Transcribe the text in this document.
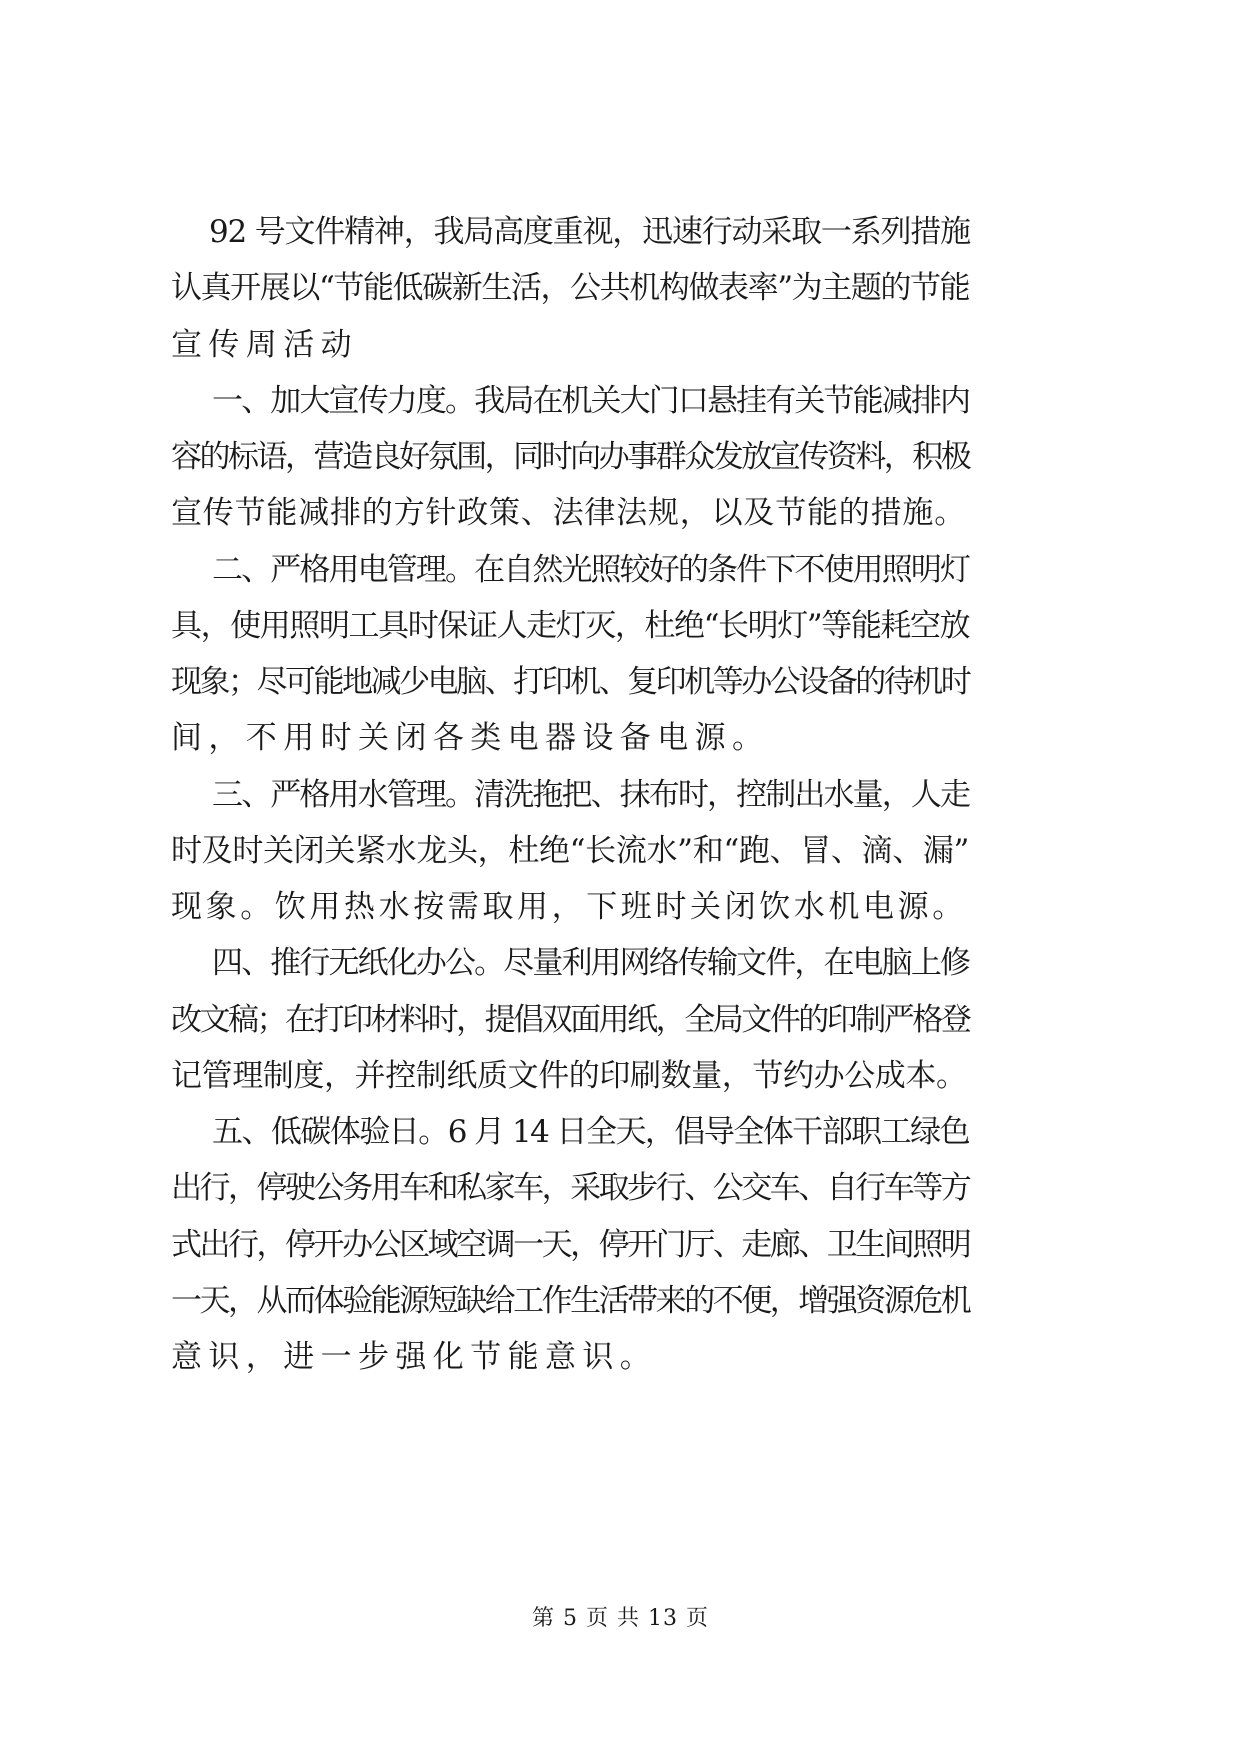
92 号文件精神，我局高度重视，迅速行动采取一系列措施
认真开展以“节能低碳新生活，公共机构做表率”为主题的节能
宣传周活动
一、加大宣传力度。我局在机关大门口悬挂有关节能减排内
容的标语，营造良好氛围，同时向办事群众发放宣传资料，积极
宣传节能减排的方针政策、法律法规，以及节能的措施。
二、严格用电管理。在自然光照较好的条件下不使用照明灯
具，使用照明工具时保证人走灯灭，杜绝“长明灯”等能耗空放
现象；尽可能地减少电脑、打印机、复印机等办公设备的待机时
间，不用时关闭各类电器设备电源。
三、严格用水管理。清洗拖把、抹布时，控制出水量，人走
时及时关闭关紧水龙头，杜绝“长流水”和“跑、冒、滴、漏”
现象。饮用热水按需取用，下班时关闭饮水机电源。
四、推行无纸化办公。尽量利用网络传输文件，在电脑上修
改文稿；在打印材料时，提倡双面用纸，全局文件的印制严格登
记管理制度，并控制纸质文件的印刷数量，节约办公成本。
五、低碳体验日。6 月 14 日全天，倡导全体干部职工绿色
出行，停驶公务用车和私家车，采取步行、公交车、自行车等方
式出行，停开办公区域空调一天，停开门厅、走廊、卫生间照明
一天，从而体验能源短缺给工作生活带来的不便，增强资源危机
意识，进一步强化节能意识。
第 5 页 共 13 页
